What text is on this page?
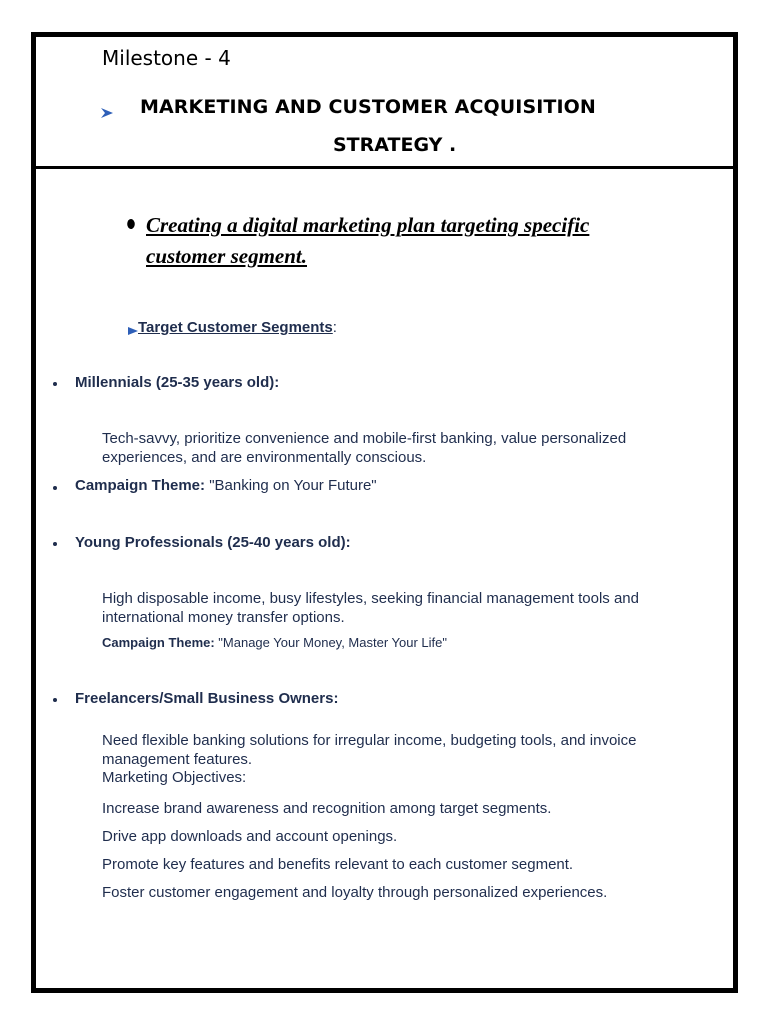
Milestone - 4
MARKETING AND CUSTOMER ACQUISITION
STRATEGY .
Creating a digital marketing plan targeting specific customer segment.
Target Customer Segments:
Millennials (25-35 years old):
Tech-savvy, prioritize convenience and mobile-first banking, value personalized experiences, and are environmentally conscious.
Campaign Theme: "Banking on Your Future"
Young Professionals (25-40 years old):
High disposable income, busy lifestyles, seeking financial management tools and international money transfer options.
Campaign Theme: "Manage Your Money, Master Your Life"
Freelancers/Small Business Owners:
Need flexible banking solutions for irregular income, budgeting tools, and invoice management features.
Marketing Objectives:
Increase brand awareness and recognition among target segments.
Drive app downloads and account openings.
Promote key features and benefits relevant to each customer segment.
Foster customer engagement and loyalty through personalized experiences.
